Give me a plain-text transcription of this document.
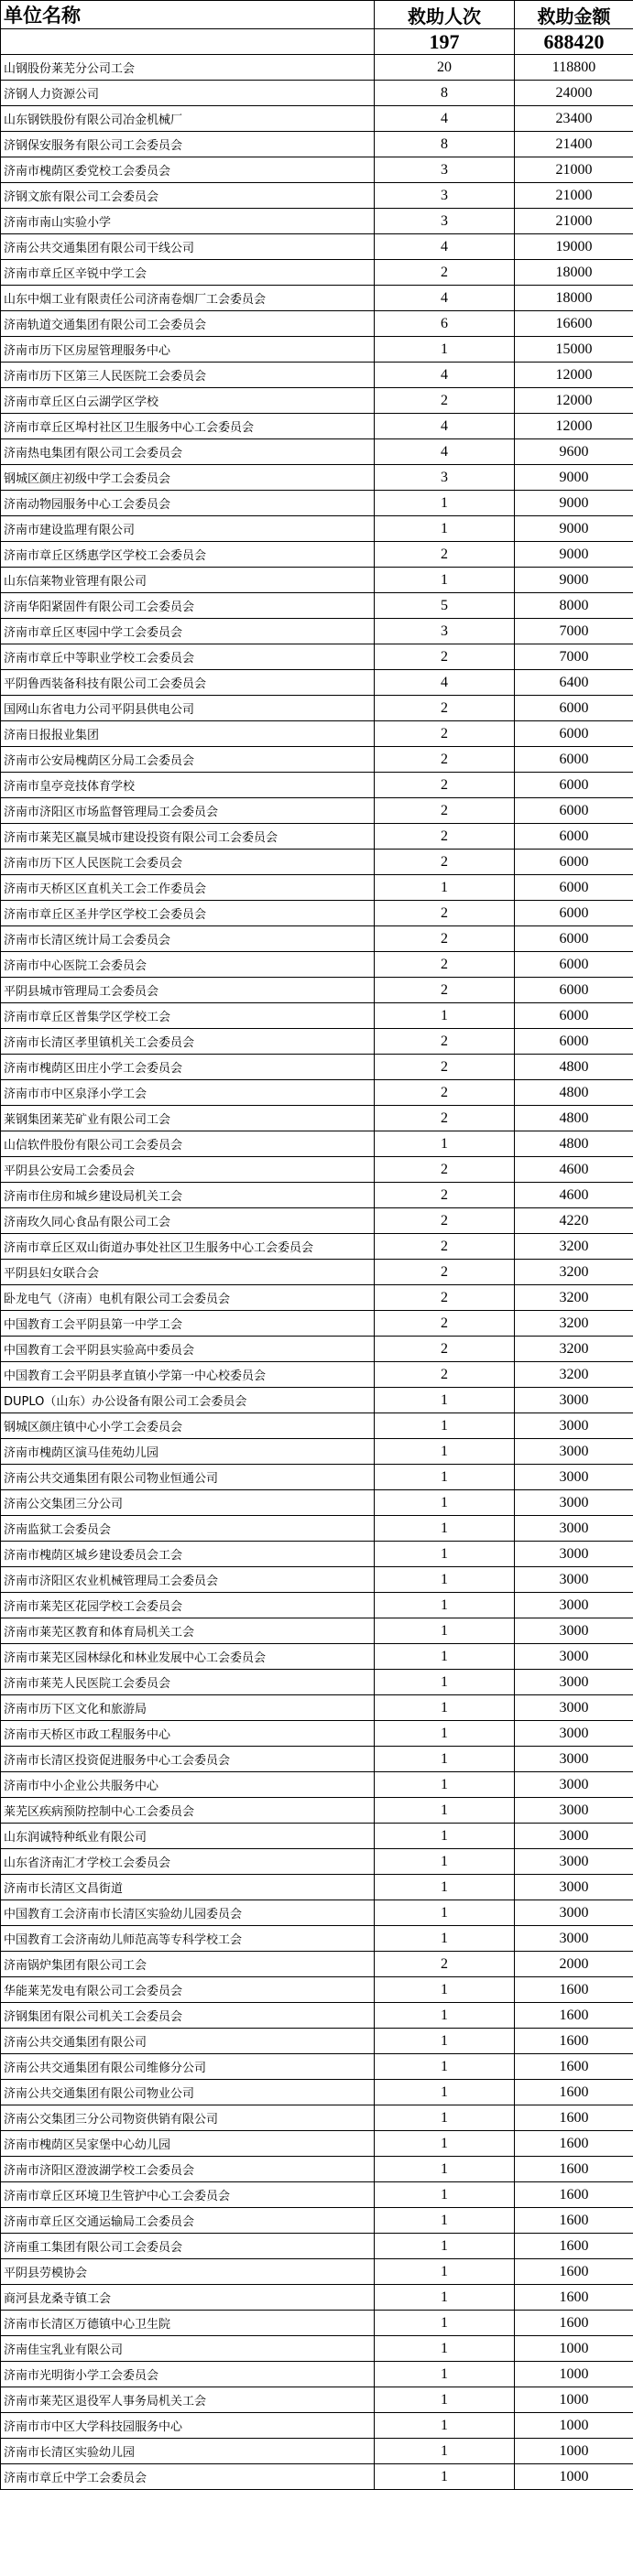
单位名称	救助人次	救助金额
	197	688420
山钢股份莱芜分公司工会	20	118800
济钢人力资源公司	8	24000
山东钢铁股份有限公司冶金机械厂	4	23400
济钢保安服务有限公司工会委员会	8	21400
济南市槐荫区委党校工会委员会	3	21000
济钢文旅有限公司工会委员会	3	21000
济南市南山实验小学	3	21000
济南公共交通集团有限公司干线公司	4	19000
济南市章丘区辛锐中学工会	2	18000
山东中烟工业有限责任公司济南卷烟厂工会委员会	4	18000
济南轨道交通集团有限公司工会委员会	6	16600
济南市历下区房屋管理服务中心	1	15000
济南市历下区第三人民医院工会委员会	4	12000
济南市章丘区白云湖学区学校	2	12000
济南市章丘区埠村社区卫生服务中心工会委员会	4	12000
济南热电集团有限公司工会委员会	4	9600
钢城区颜庄初级中学工会委员会	3	9000
济南动物园服务中心工会委员会	1	9000
济南市建设监理有限公司	1	9000
济南市章丘区绣惠学区学校工会委员会	2	9000
山东信莱物业管理有限公司	1	9000
济南华阳紧固件有限公司工会委员会	5	8000
济南市章丘区枣园中学工会委员会	3	7000
济南市章丘中等职业学校工会委员会	2	7000
平阴鲁西装备科技有限公司工会委员会	4	6400
国网山东省电力公司平阴县供电公司	2	6000
济南日报报业集团	2	6000
济南市公安局槐荫区分局工会委员会	2	6000
济南市皇亭竞技体育学校	2	6000
济南市济阳区市场监督管理局工会委员会	2	6000
济南市莱芜区嬴昊城市建设投资有限公司工会委员会	2	6000
济南市历下区人民医院工会委员会	2	6000
济南市天桥区区直机关工会工作委员会	1	6000
济南市章丘区圣井学区学校工会委员会	2	6000
济南市长清区统计局工会委员会	2	6000
济南市中心医院工会委员会	2	6000
平阴县城市管理局工会委员会	2	6000
济南市章丘区普集学区学校工会	1	6000
济南市长清区孝里镇机关工会委员会	2	6000
济南市槐荫区田庄小学工会委员会	2	4800
济南市市中区泉泽小学工会	2	4800
莱钢集团莱芜矿业有限公司工会	2	4800
山信软件股份有限公司工会委员会	1	4800
平阴县公安局工会委员会	2	4600
济南市住房和城乡建设局机关工会	2	4600
济南玫久同心食品有限公司工会	2	4220
济南市章丘区双山街道办事处社区卫生服务中心工会委员会	2	3200
平阴县妇女联合会	2	3200
卧龙电气（济南）电机有限公司工会委员会	2	3200
中国教育工会平阴县第一中学工会	2	3200
中国教育工会平阴县实验高中委员会	2	3200
中国教育工会平阴县孝直镇小学第一中心校委员会	2	3200
DUPLO（山东）办公设备有限公司工会委员会	1	3000
钢城区颜庄镇中心小学工会委员会	1	3000
济南市槐荫区演马佳苑幼儿园	1	3000
济南公共交通集团有限公司物业恒通公司	1	3000
济南公交集团三分公司	1	3000
济南监狱工会委员会	1	3000
济南市槐荫区城乡建设委员会工会	1	3000
济南市济阳区农业机械管理局工会委员会	1	3000
济南市莱芜区花园学校工会委员会	1	3000
济南市莱芜区教育和体育局机关工会	1	3000
济南市莱芜区园林绿化和林业发展中心工会委员会	1	3000
济南市莱芜人民医院工会委员会	1	3000
济南市历下区文化和旅游局	1	3000
济南市天桥区市政工程服务中心	1	3000
济南市长清区投资促进服务中心工会委员会	1	3000
济南市中小企业公共服务中心	1	3000
莱芜区疾病预防控制中心工会委员会	1	3000
山东润诚特种纸业有限公司	1	3000
山东省济南汇才学校工会委员会	1	3000
济南市长清区文昌街道	1	3000
中国教育工会济南市长清区实验幼儿园委员会	1	3000
中国教育工会济南幼儿师范高等专科学校工会	1	3000
济南锅炉集团有限公司工会	2	2000
华能莱芜发电有限公司工会委员会	1	1600
济钢集团有限公司机关工会委员会	1	1600
济南公共交通集团有限公司	1	1600
济南公共交通集团有限公司维修分公司	1	1600
济南公共交通集团有限公司物业公司	1	1600
济南公交集团三分公司物资供销有限公司	1	1600
济南市槐荫区吴家堡中心幼儿园	1	1600
济南市济阳区澄波湖学校工会委员会	1	1600
济南市章丘区环境卫生管护中心工会委员会	1	1600
济南市章丘区交通运输局工会委员会	1	1600
济南重工集团有限公司工会委员会	1	1600
平阴县劳模协会	1	1600
商河县龙桑寺镇工会	1	1600
济南市长清区万德镇中心卫生院	1	1600
济南佳宝乳业有限公司	1	1000
济南市光明街小学工会委员会	1	1000
济南市莱芜区退役军人事务局机关工会	1	1000
济南市市中区大学科技园服务中心	1	1000
济南市长清区实验幼儿园	1	1000
济南市章丘中学工会委员会	1	1000
